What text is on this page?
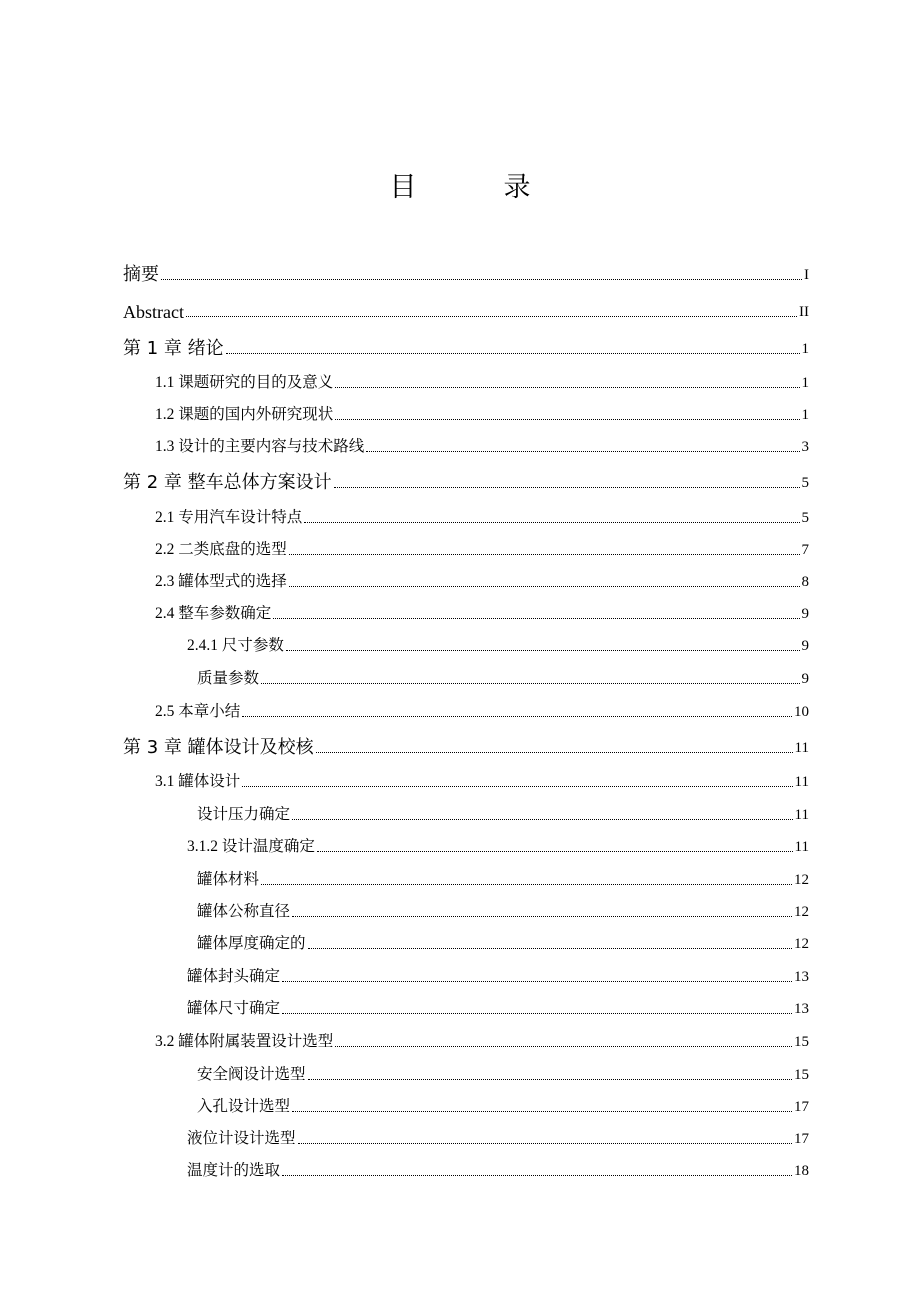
目　录
摘要	I
Abstract	II
第 1 章 绪论	1
1.1 课题研究的目的及意义	1
1.2 课题的国内外研究现状	1
1.3 设计的主要内容与技术路线	3
第 2 章 整车总体方案设计	5
2.1 专用汽车设计特点	5
2.2 二类底盘的选型	7
2.3 罐体型式的选择	8
2.4 整车参数确定	9
2.4.1 尺寸参数	9
质量参数	9
2.5 本章小结	10
第 3 章 罐体设计及校核	11
3.1 罐体设计	11
设计压力确定	11
3.1.2 设计温度确定	11
罐体材料	12
罐体公称直径	12
罐体厚度确定的	12
罐体封头确定	13
罐体尺寸确定	13
3.2 罐体附属装置设计选型	15
安全阀设计选型	15
入孔设计选型	17
液位计设计选型	17
温度计的选取	18
